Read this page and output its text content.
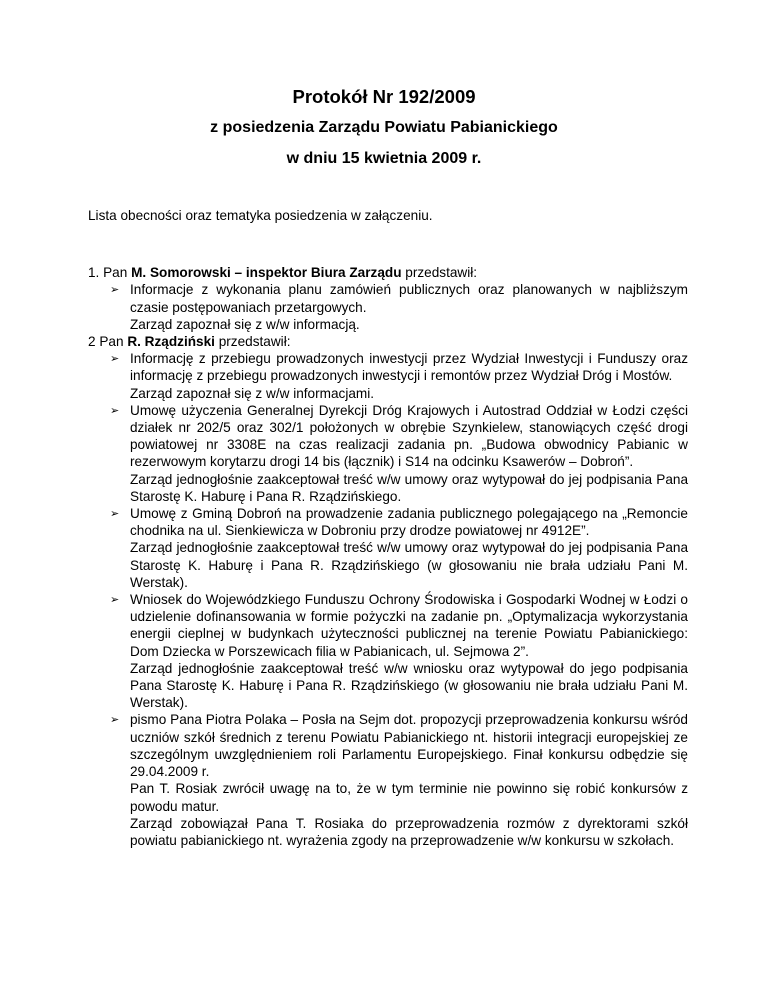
Protokół Nr 192/2009
z posiedzenia Zarządu Powiatu Pabianickiego
w dniu 15 kwietnia 2009 r.

Lista obecności oraz tematyka posiedzenia w załączeniu.

1. Pan M. Somorowski – inspektor Biura Zarządu przedstawił:

➢ Informacje z wykonania planu zamówień publicznych oraz planowanych w najbliższym czasie postępowaniach przetargowych.

Zarząd zapoznał się z w/w informacją.

2 Pan R. Rządziński przedstawił:

➢ Informację z przebiegu prowadzonych inwestycji przez Wydział Inwestycji i Funduszy oraz informację z przebiegu prowadzonych inwestycji i remontów przez Wydział Dróg i Mostów.

Zarząd zapoznał się z w/w informacjami.

➢ Umowę użyczenia Generalnej Dyrekcji Dróg Krajowych i Autostrad Oddział w Łodzi części działek nr 202/5 oraz 302/1 położonych w obrębie Szynkielew, stanowiących część drogi powiatowej nr 3308E na czas realizacji zadania pn. „Budowa obwodnicy Pabianic w rezerwowym korytarzu drogi 14 bis (łącznik) i S14 na odcinku Ksawerów – Dobroń”.

Zarząd jednogłośnie zaakceptował treść w/w umowy oraz wytypował do jej podpisania Pana Starostę K. Haburę i Pana R. Rządzińskiego.

➢ Umowę z Gminą Dobroń na prowadzenie zadania publicznego polegającego na „Remoncie chodnika na ul. Sienkiewicza w Dobroniu przy drodze powiatowej nr 4912E”.

Zarząd jednogłośnie zaakceptował treść w/w umowy oraz wytypował do jej podpisania Pana Starostę K. Haburę i Pana R. Rządzińskiego (w głosowaniu nie brała udziału Pani M. Werstak).

➢ Wniosek do Wojewódzkiego Funduszu Ochrony Środowiska i Gospodarki Wodnej w Łodzi o udzielenie dofinansowania w formie pożyczki na zadanie pn. „Optymalizacja wykorzystania energii cieplnej w budynkach użyteczności publicznej na terenie Powiatu Pabianickiego: Dom Dziecka w Porszewicach filia w Pabianicach, ul. Sejmowa 2”.

Zarząd jednogłośnie zaakceptował treść w/w wniosku oraz wytypował do jego podpisania Pana Starostę K. Haburę i Pana R. Rządzińskiego (w głosowaniu nie brała udziału Pani M. Werstak).

➢ pismo Pana Piotra Polaka – Posła na Sejm dot. propozycji przeprowadzenia konkursu wśród uczniów szkół średnich z terenu Powiatu Pabianickiego nt. historii integracji europejskiej ze szczególnym uwzględnieniem roli Parlamentu Europejskiego. Finał konkursu odbędzie się 29.04.2009 r.

Pan T. Rosiak zwrócił uwagę na to, że w tym terminie nie powinno się robić konkursów z powodu matur.

Zarząd zobowiązał Pana T. Rosiaka do przeprowadzenia rozmów z dyrektorami szkół powiatu pabianickiego nt. wyrażenia zgody na przeprowadzenie w/w konkursu w szkołach.
